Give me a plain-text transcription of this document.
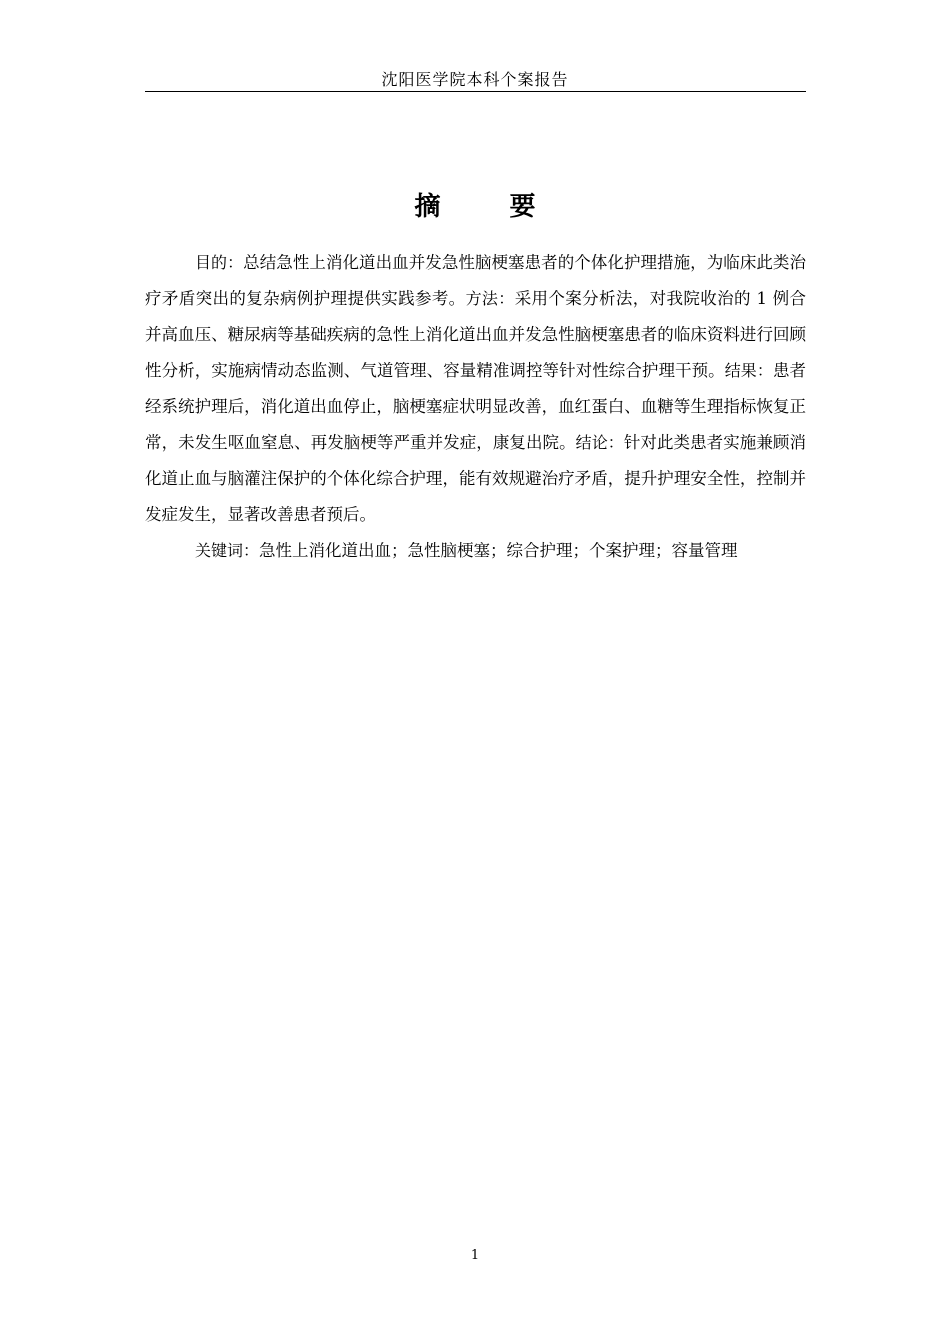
沈阳医学院本科个案报告
摘 要

目的：总结急性上消化道出血并发急性脑梗塞患者的个体化护理措施，为临床此类治疗矛盾突出的复杂病例护理提供实践参考。方法：采用个案分析法，对我院收治的 1 例合并高血压、糖尿病等基础疾病的急性上消化道出血并发急性脑梗塞患者的临床资料进行回顾性分析，实施病情动态监测、气道管理、容量精准调控等针对性综合护理干预。结果：患者经系统护理后，消化道出血停止，脑梗塞症状明显改善，血红蛋白、血糖等生理指标恢复正常，未发生呕血窒息、再发脑梗等严重并发症，康复出院。结论：针对此类患者实施兼顾消化道止血与脑灌注保护的个体化综合护理，能有效规避治疗矛盾，提升护理安全性，控制并发症发生，显著改善患者预后。

关键词：急性上消化道出血；急性脑梗塞；综合护理；个案护理；容量管理

1
